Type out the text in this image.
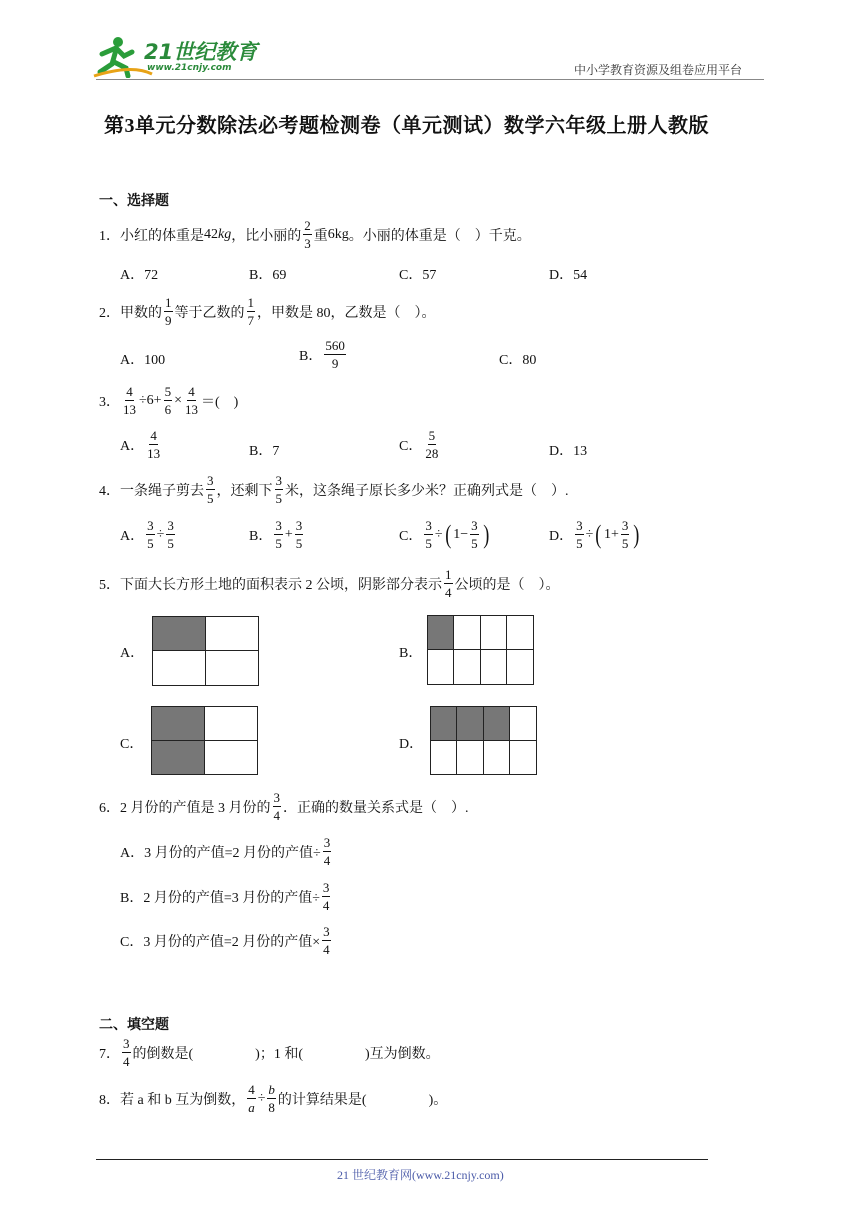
21世纪教育
www.21cnjy.com	中小学教育资源及组卷应用平台
第3单元分数除法必考题检测卷（单元测试）数学六年级上册人教版
一、选择题
1． 小红的体重是 42 kg ，比小丽的 $\frac{2}{3}$ 重 6kg 。小丽的体重是（　）千克。
A．72	B．69	C．57	D．54
2． 甲数的 $\frac{1}{9}$ 等于乙数的 $\frac{1}{7}$ ，甲数是 80，乙数是（　）。
A．100	B． $\frac{560}{9}$	C．80
3． $\frac{4}{13} \div 6+ \frac{5}{6} \times \frac{4}{13}$ ＝(　)
A． $\frac{4}{13}$	B．7	C． $\frac{5}{28}$	D．13
4． 一条绳子剪去 $\frac{3}{5}$ ，还剩下 $\frac{3}{5}$ 米，这条绳子原长多少米？正确列式是（　）.
A． $\frac{3}{5} \div \frac{3}{5}$	B． $\frac{3}{5} + \frac{3}{5}$	C． $\frac{3}{5}$ ÷ ( $1 - \frac{3}{5}$ )	D． $\frac{3}{5}$ ÷ ( $1 + \frac{3}{5}$ )
5． 下面大长方形土地的面积表示 2 公顷，阴影部分表示 $\frac{1}{4}$ 公顷的是（　）。
A．	B．
C．	D．
6． 2 月份的产值是 3 月份的 $\frac{3}{4}$ ．正确的数量关系式是（　）.
A．3 月份的产值=2 月份的产值÷ $\frac{3}{4}$
B．2 月份的产值=3 月份的产值÷ $\frac{3}{4}$
C．3 月份的产值=2 月份的产值× $\frac{3}{4}$
二、填空题
7． $\frac{3}{4}$ 的倒数是(	)；1 和(	)互为倒数。
8． 若 a 和 b 互为倒数， $\frac{4}{a} \div \frac{b}{8}$ 的计算结果是(	)。
21 世纪教育网(www.21cnjy.com)
